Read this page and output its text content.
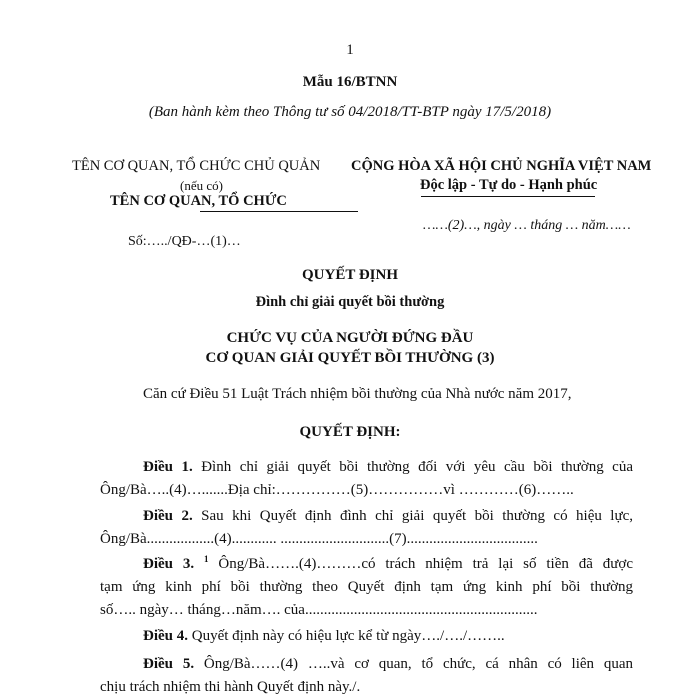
1
Mẫu 16/BTNN
(Ban hành kèm theo Thông tư số 04/2018/TT-BTP ngày 17/5/2018)
TÊN CƠ QUAN, TỔ CHỨC CHỦ QUẢN
(nếu có)
TÊN CƠ QUAN, TỔ CHỨC
CỘNG HÒA XÃ HỘI CHỦ NGHĨA VIỆT NAM
Độc lập - Tự do - Hạnh phúc
……(2)…, ngày … tháng … năm……
Số:…../QĐ-…(1)…
QUYẾT ĐỊNH
Đình chỉ giải quyết bồi thường
CHỨC VỤ CỦA NGƯỜI ĐỨNG ĐẦU
CƠ QUAN GIẢI QUYẾT BỒI THƯỜNG (3)
Căn cứ Điều 51 Luật Trách nhiệm bồi thường của Nhà nước năm 2017,
QUYẾT ĐỊNH:
Điều 1. Đình chỉ giải quyết bồi thường đối với yêu cầu bồi thường của
Ông/Bà…..(4)….......Địa chỉ:……………(5)……………vì …………(6)……..
Điều 2. Sau khi Quyết định đình chỉ giải quyết bồi thường có hiệu lực,
Ông/Bà..................(4)............ .............................(7)...................................
Điều 3. $^1$ Ông/Bà…….(4)………có trách nhiệm trả lại số tiền đã được
tạm ứng kinh phí bồi thường theo Quyết định tạm ứng kinh phí bồi thường
số….. ngày… tháng…năm…. của..............................................................
Điều 4. Quyết định này có hiệu lực kể từ ngày…./…./……..
Điều 5. Ông/Bà……(4) …..và cơ quan, tổ chức, cá nhân có liên quan
chịu trách nhiệm thi hành Quyết định này./.
